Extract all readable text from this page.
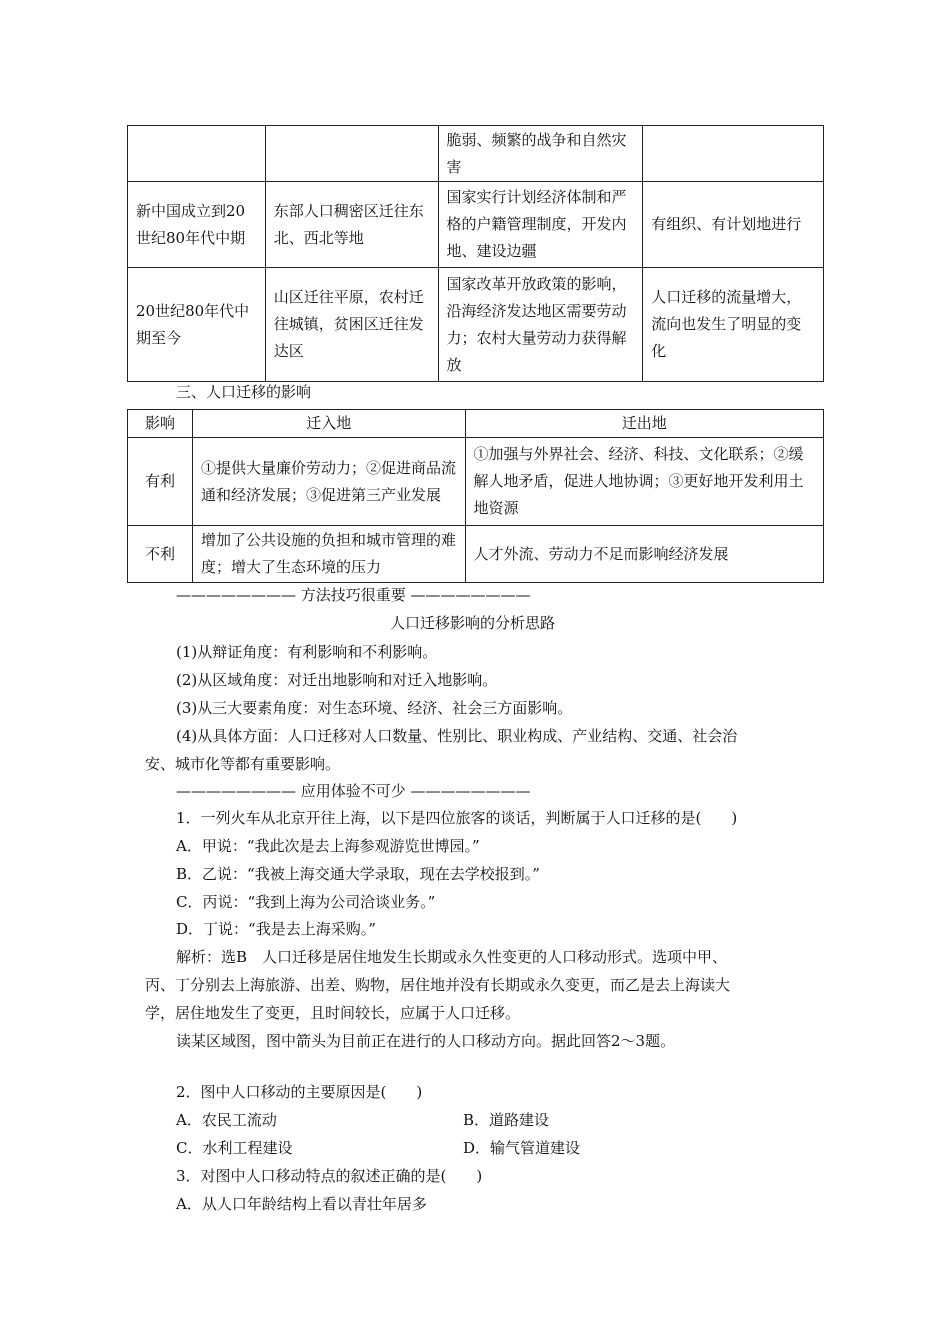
		脆弱、频繁的战争和自然灾害	
新中国成立到20世纪80年代中期	东部人口稠密区迁往东北、西北等地	国家实行计划经济体制和严格的户籍管理制度，开发内地、建设边疆	有组织、有计划地进行
20世纪80年代中期至今	山区迁往平原，农村迁往城镇，贫困区迁往发达区	国家改革开放政策的影响，沿海经济发达地区需要劳动力；农村大量劳动力获得解放	人口迁移的流量增大，流向也发生了明显的变化
三、人口迁移的影响
影响	迁入地	迁出地
有利	①提供大量廉价劳动力；②促进商品流通和经济发展；③促进第三产业发展	①加强与外界社会、经济、科技、文化联系；②缓解人地矛盾，促进人地协调；③更好地开发利用土地资源
不利	增加了公共设施的负担和城市管理的难度；增大了生态环境的压力	人才外流、劳动力不足而影响经济发展
———————— 方法技巧很重要 ————————
人口迁移影响的分析思路
(1)从辩证角度：有利影响和不利影响。
(2)从区域角度：对迁出地影响和对迁入地影响。
(3)从三大要素角度：对生态环境、经济、社会三方面影响。
(4)从具体方面：人口迁移对人口数量、性别比、职业构成、产业结构、交通、社会治
安、城市化等都有重要影响。
———————— 应用体验不可少 ————————
1．一列火车从北京开往上海，以下是四位旅客的谈话，判断属于人口迁移的是(　　)
A．甲说：“我此次是去上海参观游览世博园。”
B．乙说：“我被上海交通大学录取，现在去学校报到。”
C．丙说：“我到上海为公司洽谈业务。”
D．丁说：“我是去上海采购。”
解析：选B　人口迁移是居住地发生长期或永久性变更的人口移动形式。选项中甲、
丙、丁分别去上海旅游、出差、购物，居住地并没有长期或永久变更，而乙是去上海读大
学，居住地发生了变更，且时间较长，应属于人口迁移。
读某区域图，图中箭头为目前正在进行的人口移动方向。据此回答2～3题。
2．图中人口移动的主要原因是(　　)
A．农民工流动	B．道路建设
C．水利工程建设	D．输气管道建设
3．对图中人口移动特点的叙述正确的是(　　)
A．从人口年龄结构上看以青壮年居多
